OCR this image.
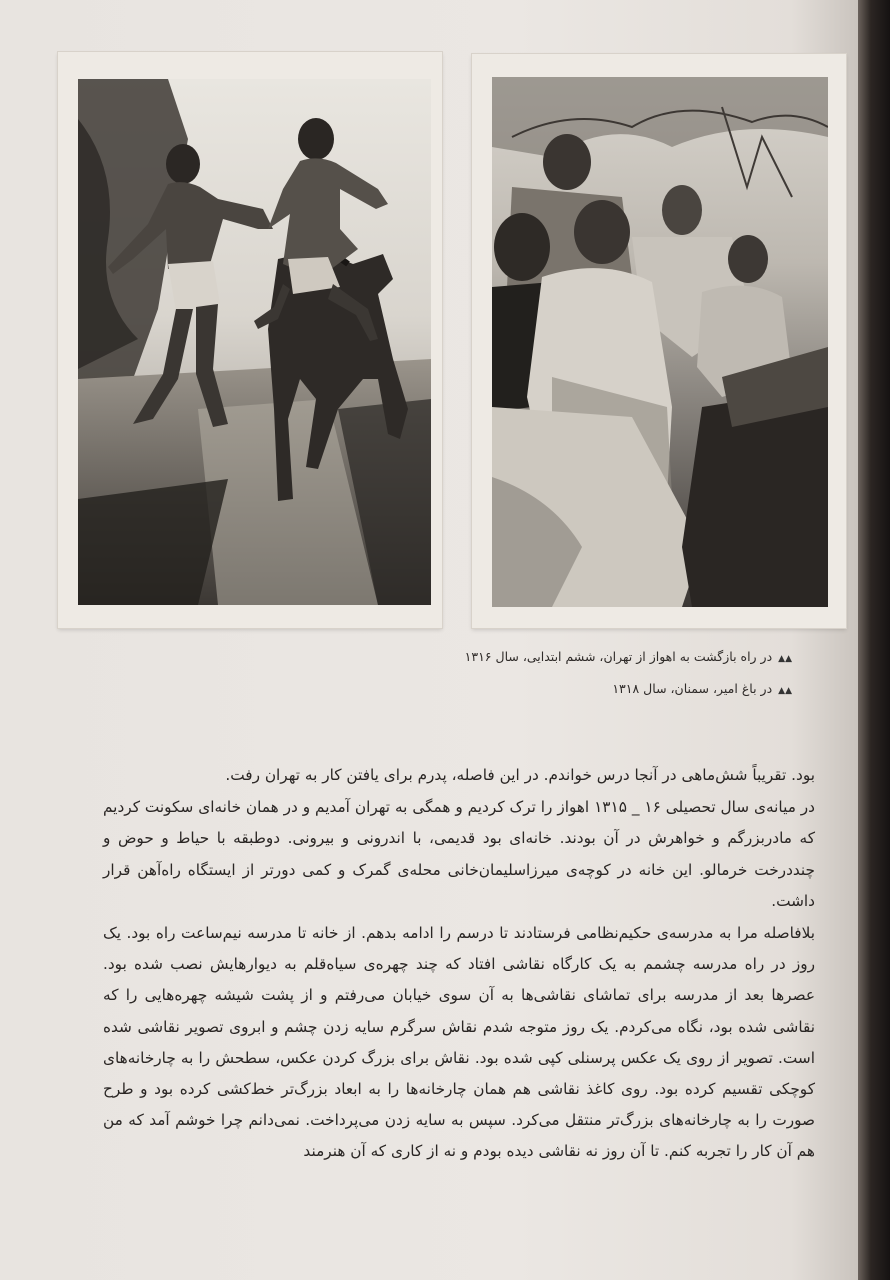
▲▲در راه بازگشت به اهواز از تهران، ششم ابتدایی، سال ۱۳۱۶
▲▲در باغ امیر، سمنان، سال ۱۳۱۸

بود. تقریباً شش‌ماهی در آنجا درس خواندم. در این فاصله، پدرم برای یافتن کار به تهران رفت.

در میانه‌ی سال تحصیلی ۱۶ _ ۱۳۱۵ اهواز را ترک کردیم و همگی به تهران آمدیم و در همان خانه‌ای سکونت کردیم که مادربزرگم و خواهرش در آن بودند. خانه‌ای بود قدیمی، با اندرونی و بیرونی. دوطبقه با حیاط و حوض و چنددرخت خرمالو. این خانه در کوچه‌ی میرزاسلیمان‌خانی محله‌ی گمرک و کمی دورتر از ایستگاه راه‌آهن قرار داشت.

بلافاصله مرا به مدرسه‌ی حکیم‌نظامی فرستادند تا درسم را ادامه بدهم. از خانه تا مدرسه نیم‌ساعت راه بود. یک روز در راه مدرسه چشمم به یک کارگاه نقاشی افتاد که چند چهره‌ی سیاه‌قلم به دیوارهایش نصب شده بود. عصرها بعد از مدرسه برای تماشای نقاشی‌ها به آن سوی خیابان می‌رفتم و از پشت شیشه چهره‌هایی را که نقاشی شده بود، نگاه می‌کردم. یک روز متوجه شدم نقاش سرگرم سایه زدن چشم و ابروی تصویر نقاشی شده است. تصویر از روی یک عکس پرسنلی کپی شده بود. نقاش برای بزرگ کردن عکس، سطحش را به چارخانه‌های کوچکی تقسیم کرده بود. روی کاغذ نقاشی هم همان چارخانه‌ها را به ابعاد بزرگ‌تر خط‌کشی کرده بود و طرح صورت را به چارخانه‌های بزرگ‌تر منتقل می‌کرد. سپس به سایه زدن می‌پرداخت. نمی‌دانم چرا خوشم آمد که من هم آن کار را تجربه کنم. تا آن روز نه نقاشی دیده بودم و نه از کاری که آن هنرمند
